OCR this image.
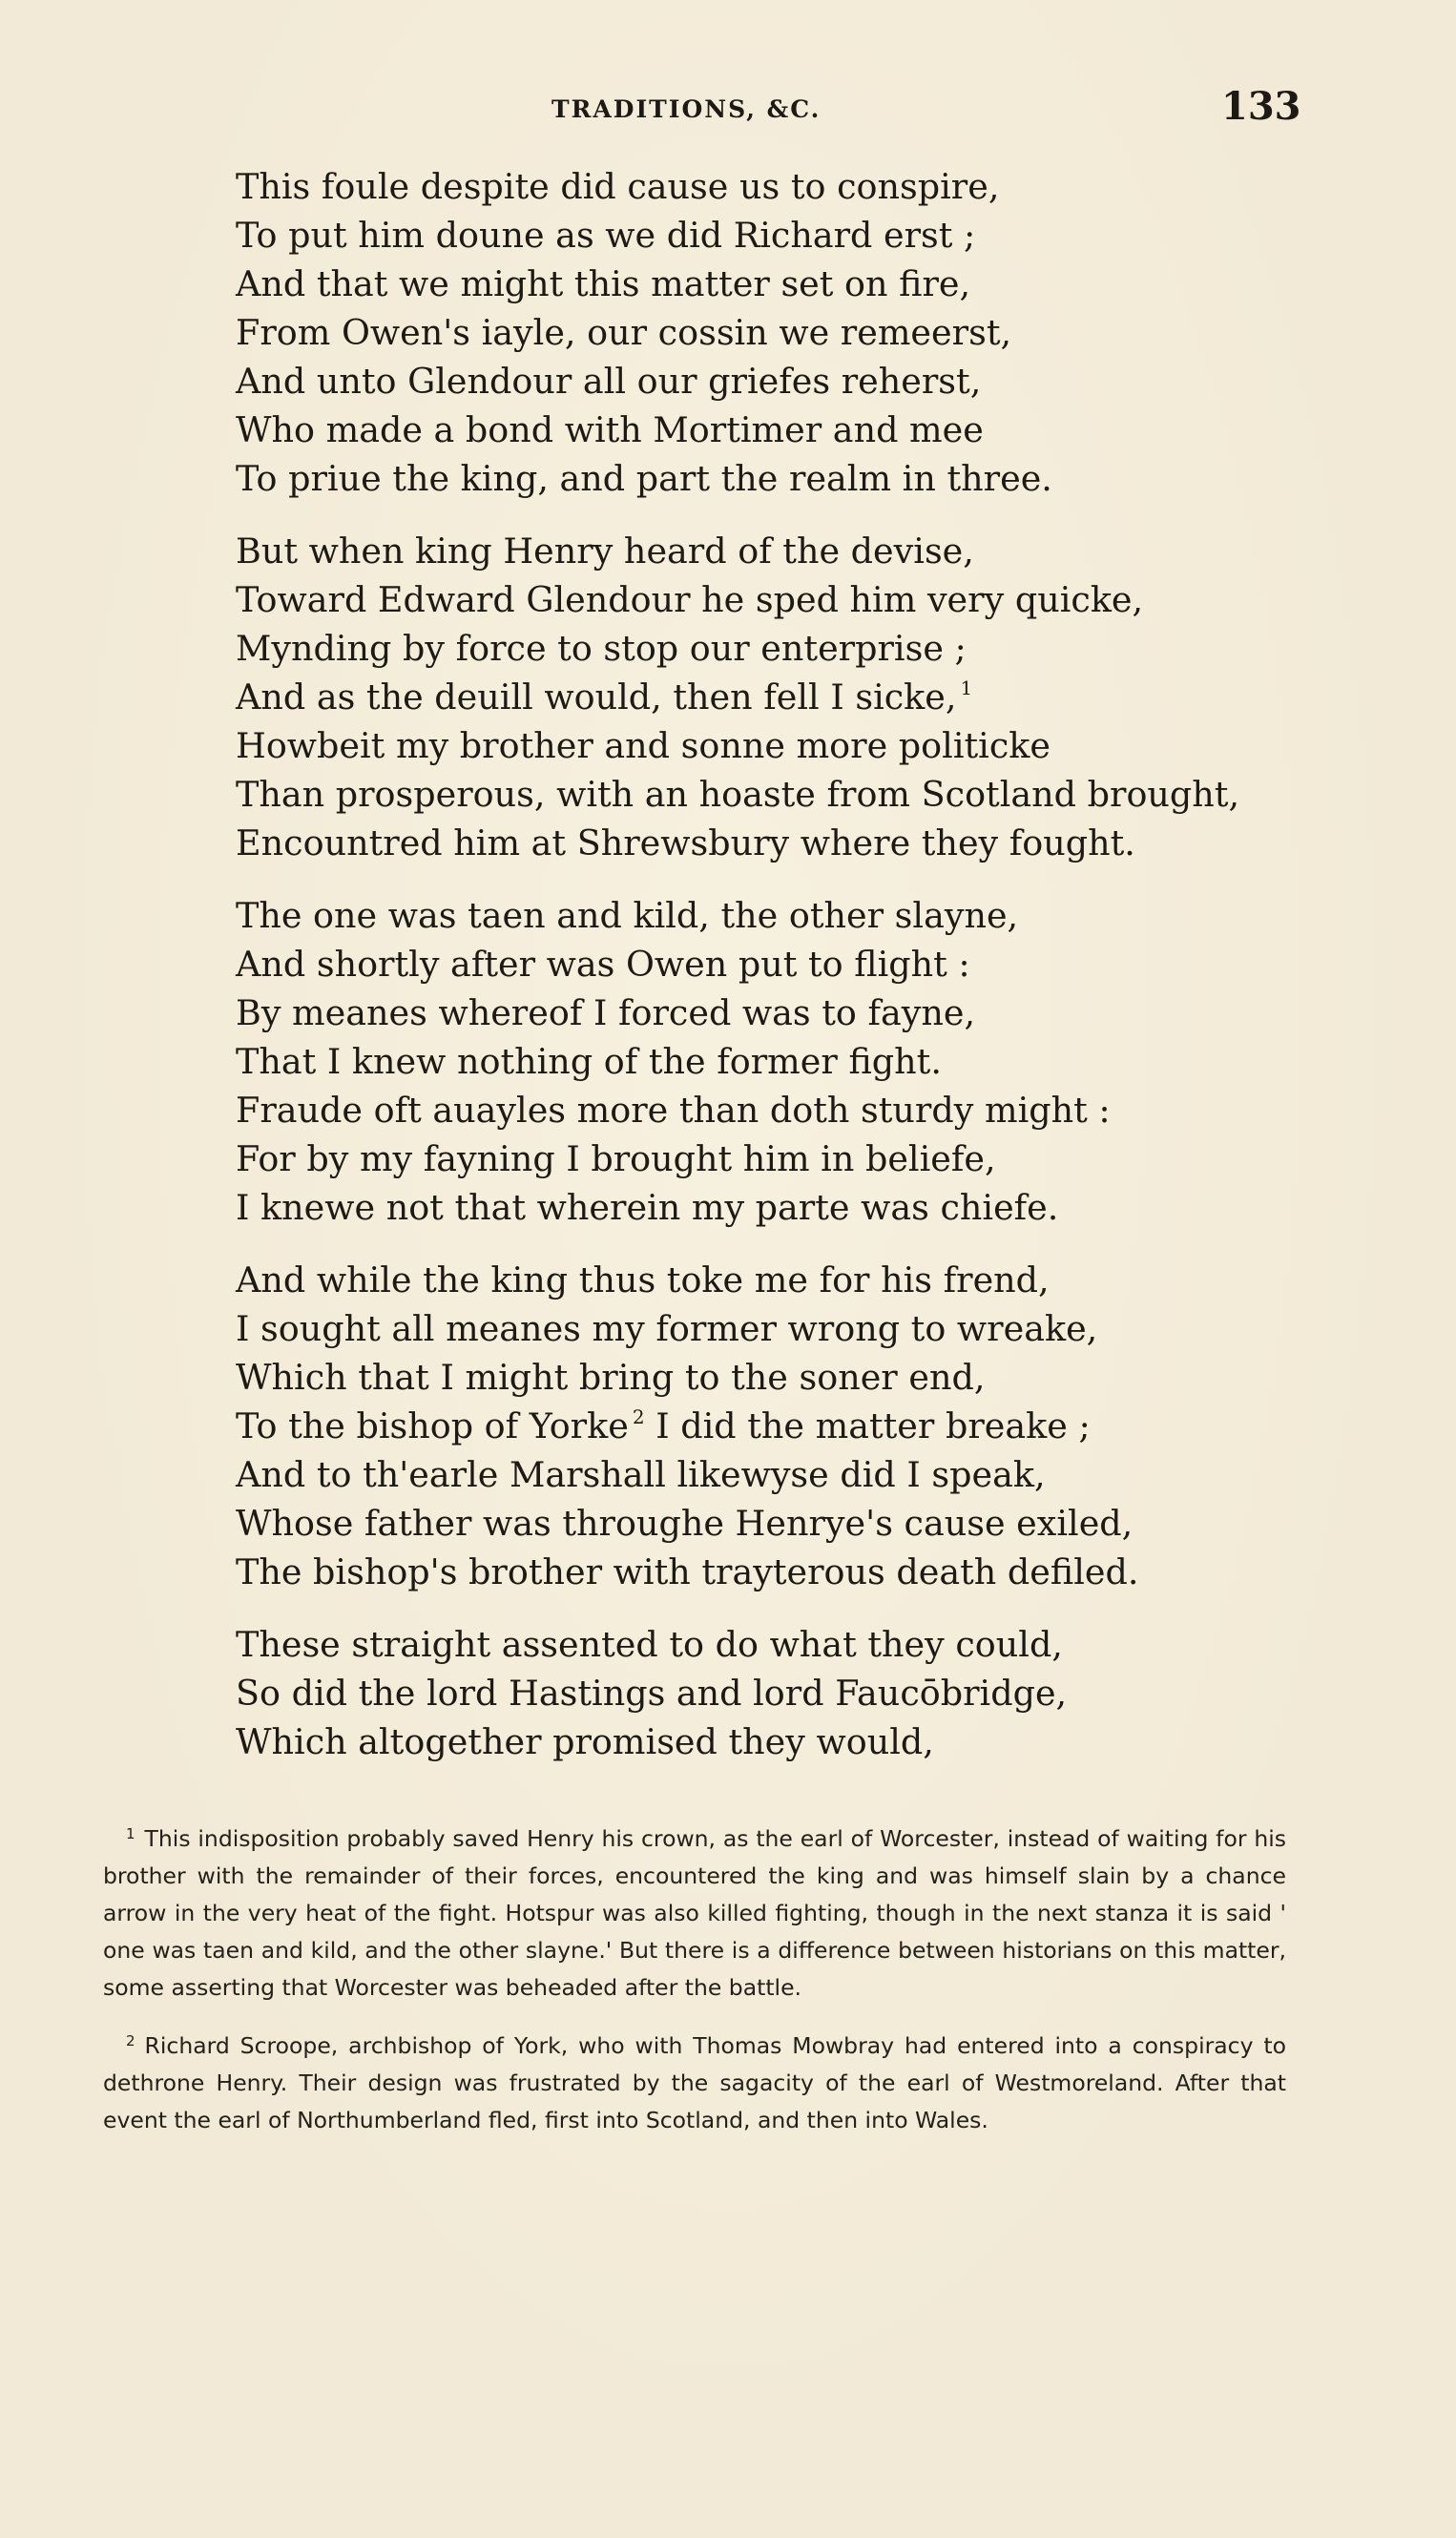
TRADITIONS, &C.	133
This foule despite did cause us to conspire,
To put him doune as we did Richard erst ;
And that we might this matter set on fire,
From Owen's iayle, our cossin we remeerst,
And unto Glendour all our griefes reherst,
Who made a bond with Mortimer and mee
To priue the king, and part the realm in three.
But when king Henry heard of the devise,
Toward Edward Glendour he sped him very quicke,
Mynding by force to stop our enterprise ;
And as the deuill would, then fell I sicke, $^1$
Howbeit my brother and sonne more politicke
Than prosperous, with an hoaste from Scotland brought,
Encountred him at Shrewsbury where they fought.
The one was taen and kild, the other slayne,
And shortly after was Owen put to flight :
By meanes whereof I forced was to fayne,
That I knew nothing of the former fight.
Fraude oft auayles more than doth sturdy might :
For by my fayning I brought him in beliefe,
I knewe not that wherein my parte was chiefe.
And while the king thus toke me for his frend,
I sought all meanes my former wrong to wreake,
Which that I might bring to the soner end,
To the bishop of Yorke $^2$ I did the matter breake ;
And to th'earle Marshall likewyse did I speak,
Whose father was throughe Henrye's cause exiled,
The bishop's brother with trayterous death defiled.
These straight assented to do what they could,
So did the lord Hastings and lord Faucōbridge,
Which altogether promised they would,
$^1$ This indisposition probably saved Henry his crown, as the earl of Worcester, instead of waiting for his brother with the remainder of their forces, encountered the king and was himself slain by a chance arrow in the very heat of the fight. Hotspur was also killed fighting, though in the next stanza it is said ' one was taen and kild, and the other slayne.' But there is a difference between historians on this matter, some asserting that Worcester was beheaded after the battle.
$^2$ Richard Scroope, archbishop of York, who with Thomas Mowbray had entered into a conspiracy to dethrone Henry. Their design was frustrated by the sagacity of the earl of Westmoreland. After that event the earl of Northumberland fled, first into Scotland, and then into Wales.
